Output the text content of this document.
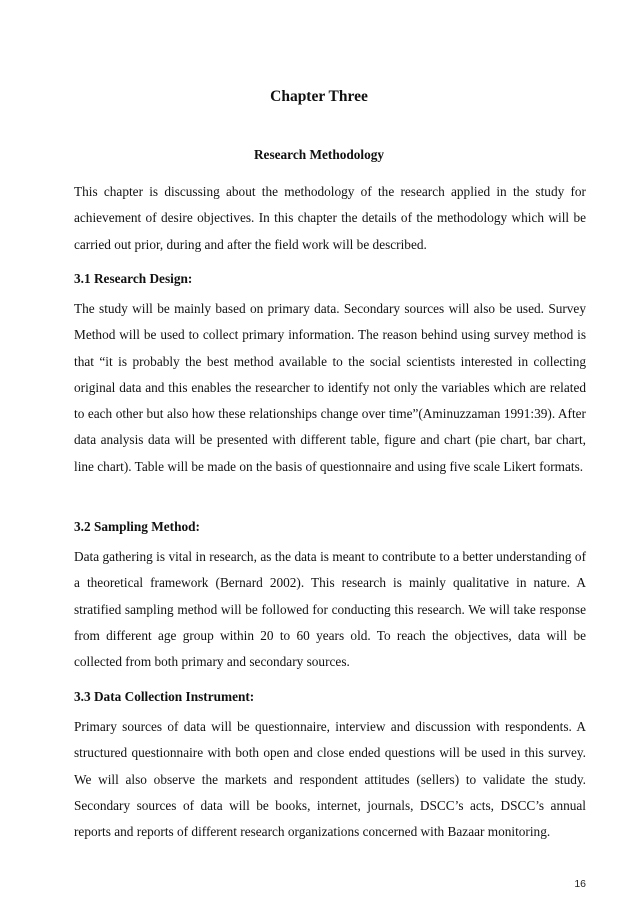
Chapter Three
Research Methodology

This chapter is discussing about the methodology of the research applied in the study for achievement of desire objectives. In this chapter the details of the methodology which will be carried out prior, during and after the field work will be described.

3.1 Research Design:

The study will be mainly based on primary data. Secondary sources will also be used. Survey Method will be used to collect primary information. The reason behind using survey method is that “it is probably the best method available to the social scientists interested in collecting original data and this enables the researcher to identify not only the variables which are related to each other but also how these relationships change over time”(Aminuzzaman 1991:39). After data analysis data will be presented with different table, figure and chart (pie chart, bar chart, line chart). Table will be made on the basis of questionnaire and using five scale Likert formats.

3.2 Sampling Method:

Data gathering is vital in research, as the data is meant to contribute to a better understanding of a theoretical framework (Bernard 2002). This research is mainly qualitative in nature. A stratified sampling method will be followed for conducting this research. We will take response from different age group within 20 to 60 years old. To reach the objectives, data will be collected from both primary and secondary sources.

3.3 Data Collection Instrument:

Primary sources of data will be questionnaire, interview and discussion with respondents. A structured questionnaire with both open and close ended questions will be used in this survey. We will also observe the markets and respondent attitudes (sellers) to validate the study. Secondary sources of data will be books, internet, journals, DSCC’s acts, DSCC’s annual reports and reports of different research organizations concerned with Bazaar monitoring.

16
